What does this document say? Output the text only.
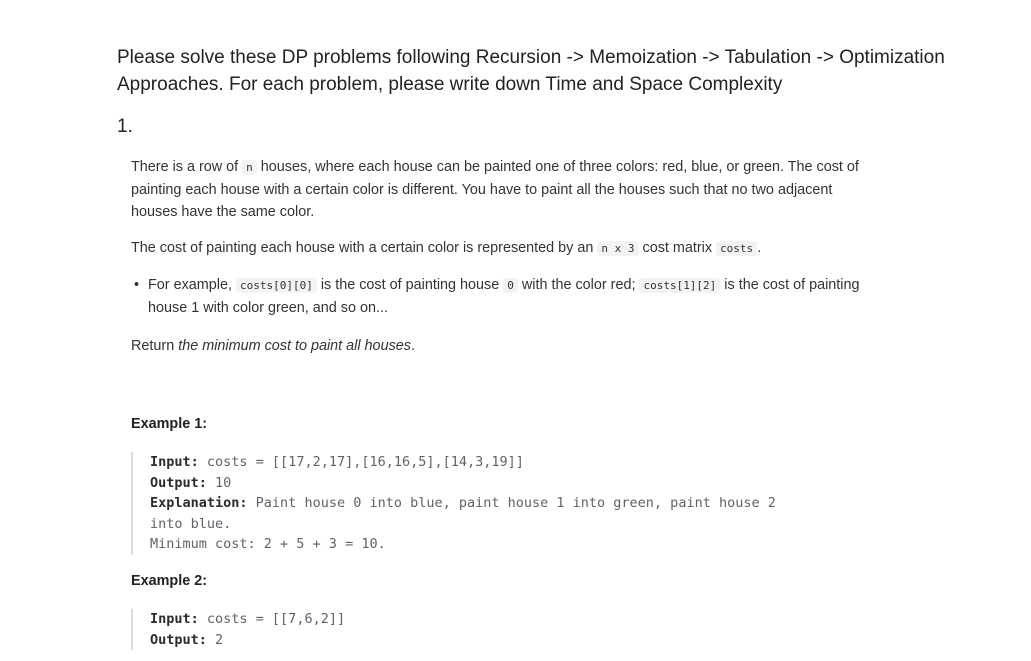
Please solve these DP problems following Recursion -> Memoization -> Tabulation -> Optimization
Approaches. For each problem, please write down Time and Space Complexity
1.

There is a row of n houses, where each house can be painted one of three colors: red, blue, or green. The cost of painting each house with a certain color is different. You have to paint all the houses such that no two adjacent houses have the same color.

The cost of painting each house with a certain color is represented by an n x 3 cost matrix costs .

• For example, costs[0][0] is the cost of painting house 0 with the color red; costs[1][2] is the cost of painting house 1 with color green, and so on...

Return the minimum cost to paint all houses.

Example 1:
Input: costs = [[17,2,17],[16,16,5],[14,3,19]]
Output: 10
Explanation: Paint house 0 into blue, paint house 1 into green, paint house 2
into blue.
Minimum cost: 2 + 5 + 3 = 10.
Example 2:
Input: costs = [[7,6,2]]
Output: 2
